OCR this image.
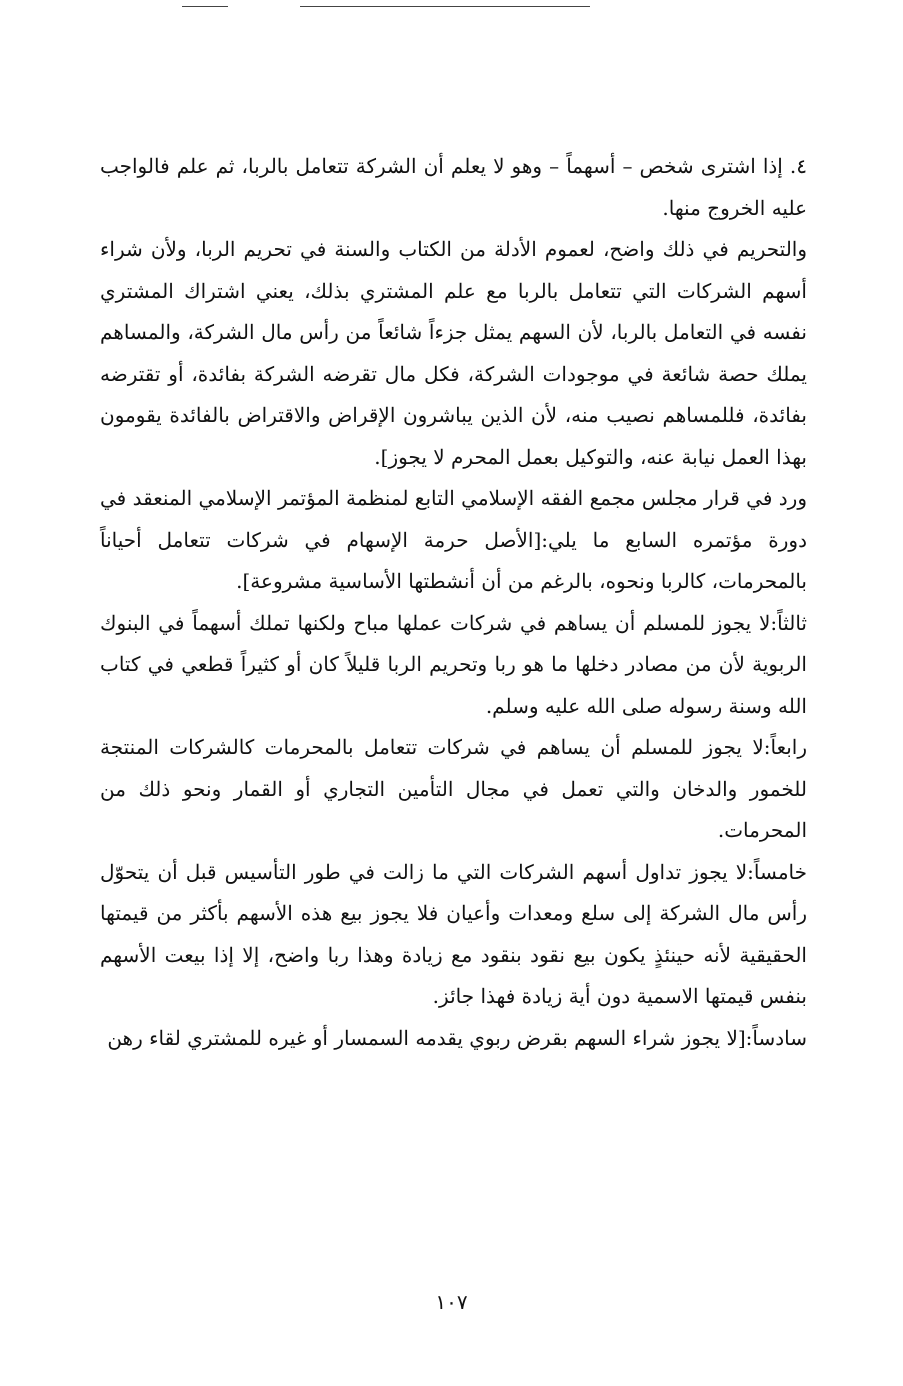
٤. إذا اشترى شخص – أسهماً – وهو لا يعلم أن الشركة تتعامل بالربا، ثم علم فالواجب عليه الخروج منها.

والتحريم في ذلك واضح، لعموم الأدلة من الكتاب والسنة في تحريم الربا، ولأن شراء أسهم الشركات التي تتعامل بالربا مع علم المشتري بذلك، يعني اشتراك المشتري نفسه في التعامل بالربا، لأن السهم يمثل جزءاً شائعاً من رأس مال الشركة، والمساهم يملك حصة شائعة في موجودات الشركة، فكل مال تقرضه الشركة بفائدة، أو تقترضه بفائدة، فللمساهم نصيب منه، لأن الذين يباشرون الإقراض والاقتراض بالفائدة يقومون بهذا العمل نيابة عنه، والتوكيل بعمل المحرم لا يجوز].

ورد في قرار مجلس مجمع الفقه الإسلامي التابع لمنظمة المؤتمر الإسلامي المنعقد في دورة مؤتمره السابع ما يلي:[الأصل حرمة الإسهام في شركات تتعامل أحياناً بالمحرمات، كالربا ونحوه، بالرغم من أن أنشطتها الأساسية مشروعة].

ثالثاً:لا يجوز للمسلم أن يساهم في شركات عملها مباح ولكنها تملك أسهماً في البنوك الربوية لأن من مصادر دخلها ما هو ربا وتحريم الربا قليلاً كان أو كثيراً قطعي في كتاب الله وسنة رسوله صلى الله عليه وسلم.

رابعاً:لا يجوز للمسلم أن يساهم في شركات تتعامل بالمحرمات كالشركات المنتجة للخمور والدخان والتي تعمل في مجال التأمين التجاري أو القمار ونحو ذلك من المحرمات.

خامساً:لا يجوز تداول أسهم الشركات التي ما زالت في طور التأسيس قبل أن يتحوّل رأس مال الشركة إلى سلع ومعدات وأعيان فلا يجوز بيع هذه الأسهم بأكثر من قيمتها الحقيقية لأنه حينئذٍ يكون بيع نقود بنقود مع زيادة وهذا ربا واضح، إلا إذا بيعت الأسهم بنفس قيمتها الاسمية دون أية زيادة فهذا جائز.

سادساً:[لا يجوز شراء السهم بقرض ربوي يقدمه السمسار أو غيره للمشتري لقاء رهن

١٠٧
